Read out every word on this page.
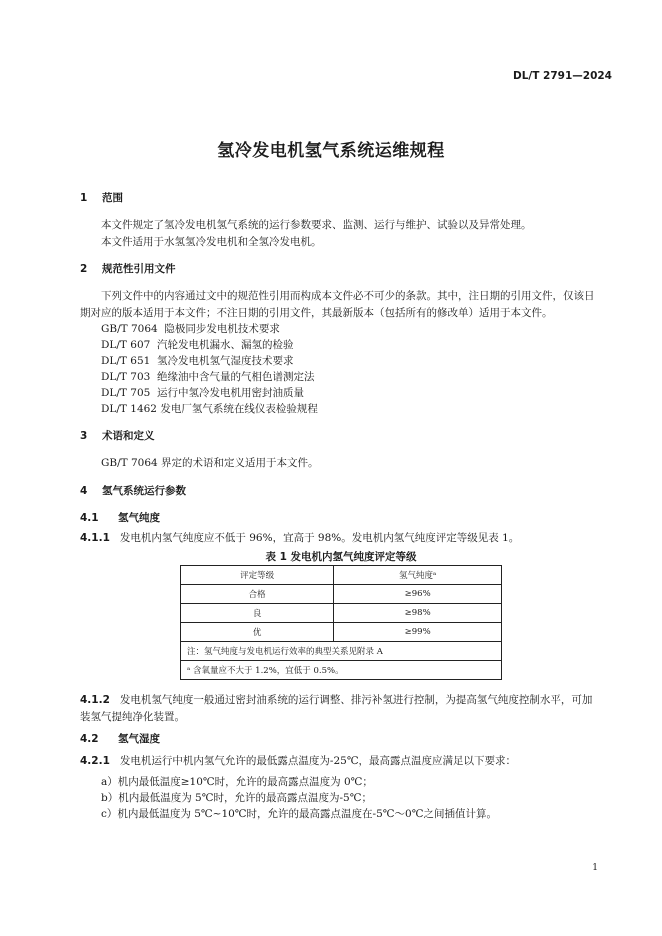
DL/T 2791—2024
氢冷发电机氢气系统运维规程
1	范围

本文件规定了氢冷发电机氢气系统的运行参数要求、监测、运行与维护、试验以及异常处理。

本文件适用于水氢氢冷发电机和全氢冷发电机。

2	规范性引用文件

下列文件中的内容通过文中的规范性引用而构成本文件必不可少的条款。其中，注日期的引用文件，仅该日期对应的版本适用于本文件；不注日期的引用文件，其最新版本（包括所有的修改单）适用于本文件。

GB/T 7064  隐极同步发电机技术要求

DL/T 607  汽轮发电机漏水、漏氢的检验

DL/T 651  氢冷发电机氢气湿度技术要求

DL/T 703  绝缘油中含气量的气相色谱测定法

DL/T 705  运行中氢冷发电机用密封油质量

DL/T 1462 发电厂氢气系统在线仪表检验规程

3	术语和定义

GB/T 7064 界定的术语和定义适用于本文件。

4	氢气系统运行参数
4.1	氢气纯度

4.1.1 发电机内氢气纯度应不低于 96%，宜高于 98%。发电机内氢气纯度评定等级见表 1。

表 1 发电机内氢气纯度评定等级
评定等级	氢气纯度ᵃ
合格	≥96%
良	≥98%
优	≥99%
注：氢气纯度与发电机运行效率的典型关系见附录 A	
ᵃ 含氧量应不大于 1.2%，宜低于 0.5%。	

4.1.2 发电机氢气纯度一般通过密封油系统的运行调整、排污补氢进行控制，为提高氢气纯度控制水平，可加装氢气提纯净化装置。

4.2	氢气湿度

4.2.1 发电机运行中机内氢气允许的最低露点温度为-25℃，最高露点温度应满足以下要求：

a）机内最低温度≥10℃时，允许的最高露点温度为 0℃；

b）机内最低温度为 5℃时，允许的最高露点温度为-5℃；

c）机内最低温度为 5℃~10℃时，允许的最高露点温度在-5℃～0℃之间插值计算。

1
